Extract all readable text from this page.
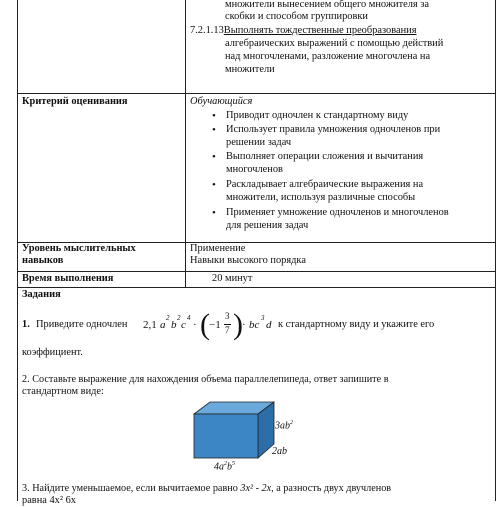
множители вынесением общего множителя за
скобки и способом группировки
7.2.1.13Выполнять тождественные преобразования
алгебраических выражений с помощью действий
над многочленами, разложение многочлена на
множители
Критерий оценивания	Обучающийся
• Приводит одночлен к стандартному виду
• Использует правила умножения одночленов при
решении задач
• Выполняет операции сложения и вычитания
многочленов
• Раскладывает алгебраические выражения на
множители, используя различные способы
• Применяет умножение одночленов и многочленов
для решения задач
Уровень мыслительных
навыков
Применение
Навыки высокого порядка
Время выполнения	20 минут
Задания
1. Приведите одночлен 2,1 a
2
b
2
c
4
· ( −1
3
7 ) · bc
3
d к стандартному виду и укажите его
коэффициент.
2. Составьте выражение для нахождения объема параллелепипеда, ответ запишите в
стандартном виде:
$3ab^2$
2ab
$4a^2b^5$
3. Найдите уменьшаемое, если вычитаемое равно 3x² - 2x, а разность двух двучленов
равна 4x² 6x
